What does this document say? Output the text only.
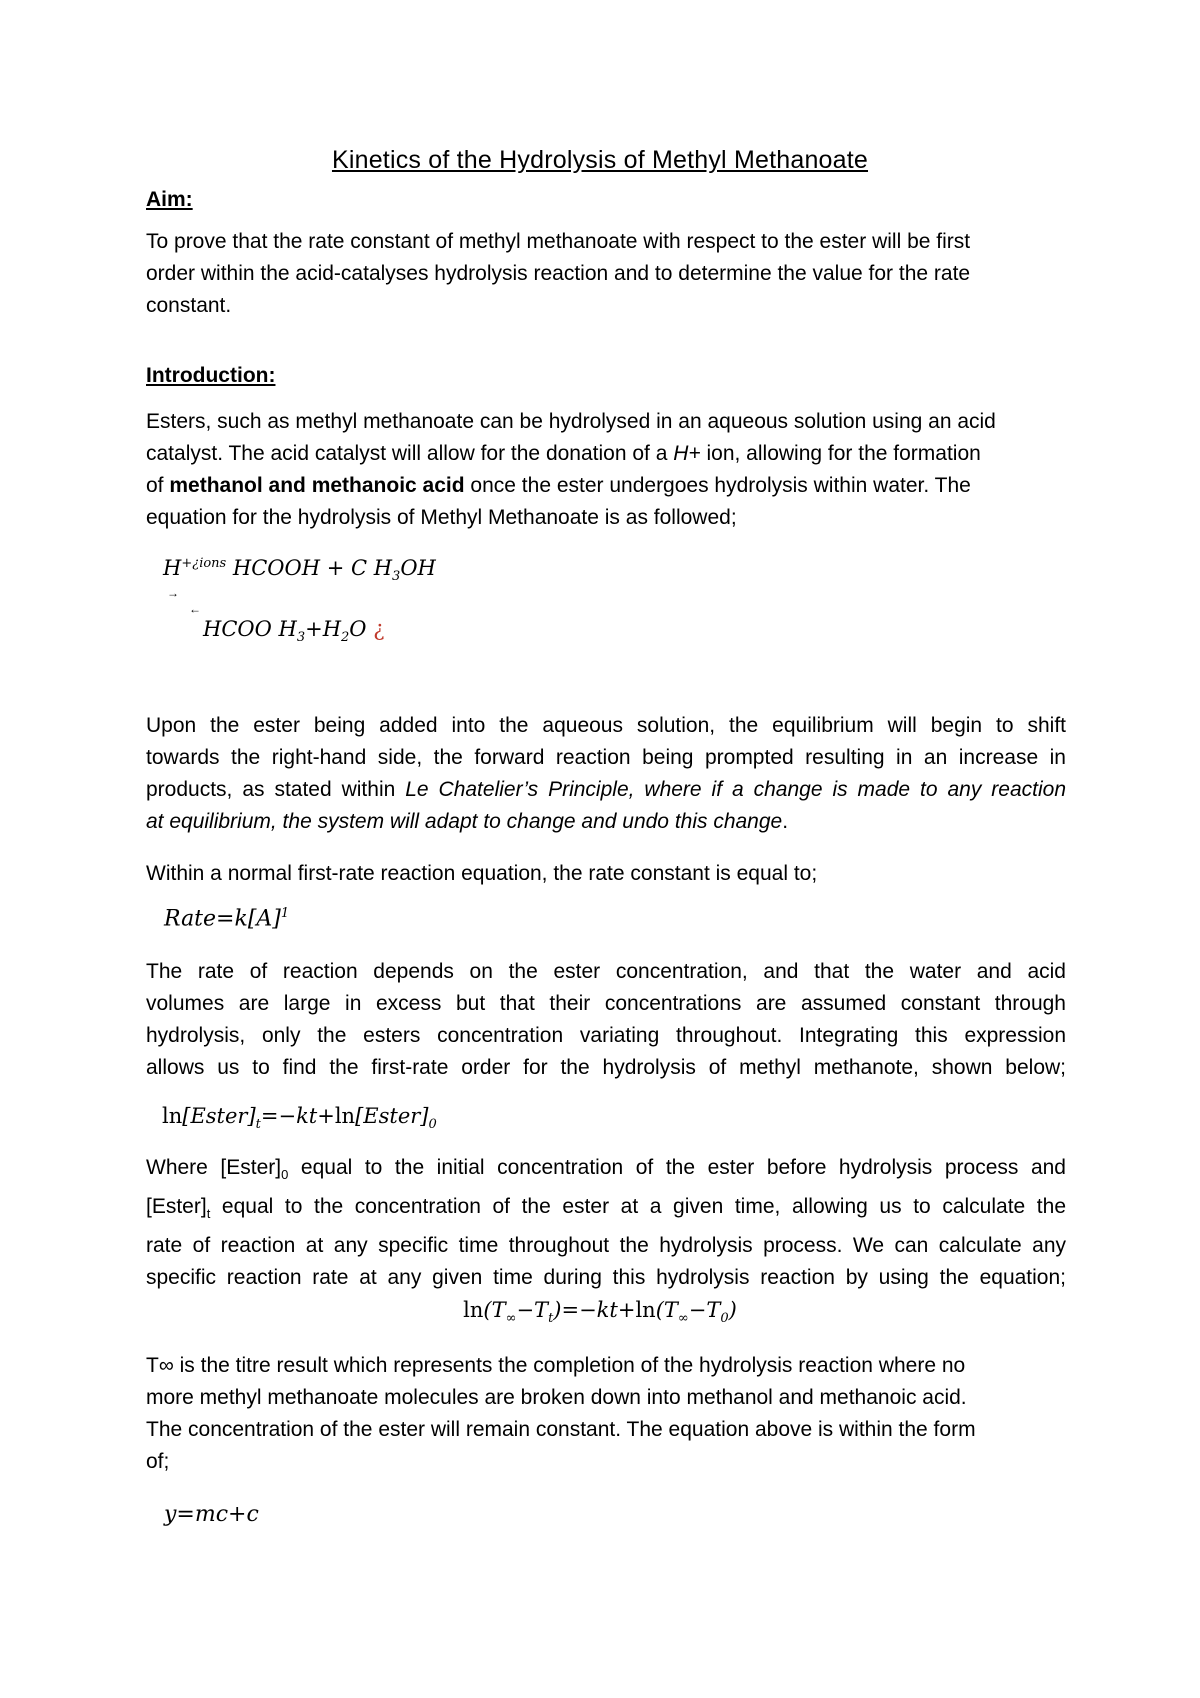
Kinetics of the Hydrolysis of Methyl Methanoate
Aim:
To prove that the rate constant of methyl methanoate with respect to the ester will be first
order within the acid-catalyses hydrolysis reaction and to determine the value for the rate
constant.
Introduction:
Esters, such as methyl methanoate can be hydrolysed in an aqueous solution using an acid
catalyst. The acid catalyst will allow for the donation of a H+ ion, allowing for the formation
of methanol and methanoic acid once the ester undergoes hydrolysis within water. The
equation for the hydrolysis of Methyl Methanoate is as followed;
$H^{+¿ions}$ HCOOH + C $H_3OH$
→
←
HCOO $H_3+H_2O$ ¿
Upon the ester being added into the aqueous solution, the equilibrium will begin to shift
towards the right-hand side, the forward reaction being prompted resulting in an increase in
products, as stated within Le Chatelier’s Principle, where if a change is made to any reaction
at equilibrium, the system will adapt to change and undo this change.
Within a normal first-rate reaction equation, the rate constant is equal to;
$Rate=k[A]^1$
The rate of reaction depends on the ester concentration, and that the water and acid
volumes are large in excess but that their concentrations are assumed constant through
hydrolysis, only the esters concentration variating throughout. Integrating this expression
allows us to find the first-rate order for the hydrolysis of methyl methanote, shown below;
$\ln[Ester]_t=-kt+\ln[Ester]_0$
Where $[Ester]_0$ equal to the initial concentration of the ester before hydrolysis process and
$[Ester]_t$ equal to the concentration of the ester at a given time, allowing us to calculate the
rate of reaction at any specific time throughout the hydrolysis process. We can calculate any
specific reaction rate at any given time during this hydrolysis reaction by using the equation;
$\ln(T_\infty-T_t)=-kt+\ln(T_\infty-T_0)$
T∞ is the titre result which represents the completion of the hydrolysis reaction where no
more methyl methanoate molecules are broken down into methanol and methanoic acid.
The concentration of the ester will remain constant. The equation above is within the form
of;
y=mc+c
